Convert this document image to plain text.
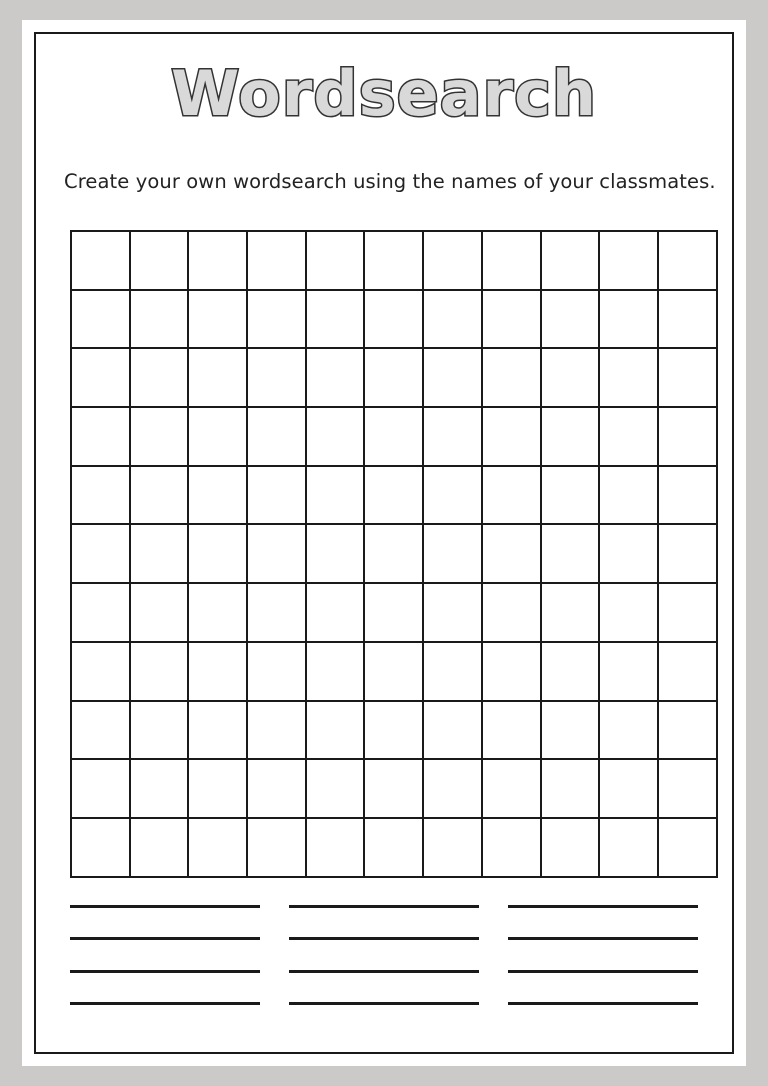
Wordsearch
Create your own wordsearch using the names of your classmates.
